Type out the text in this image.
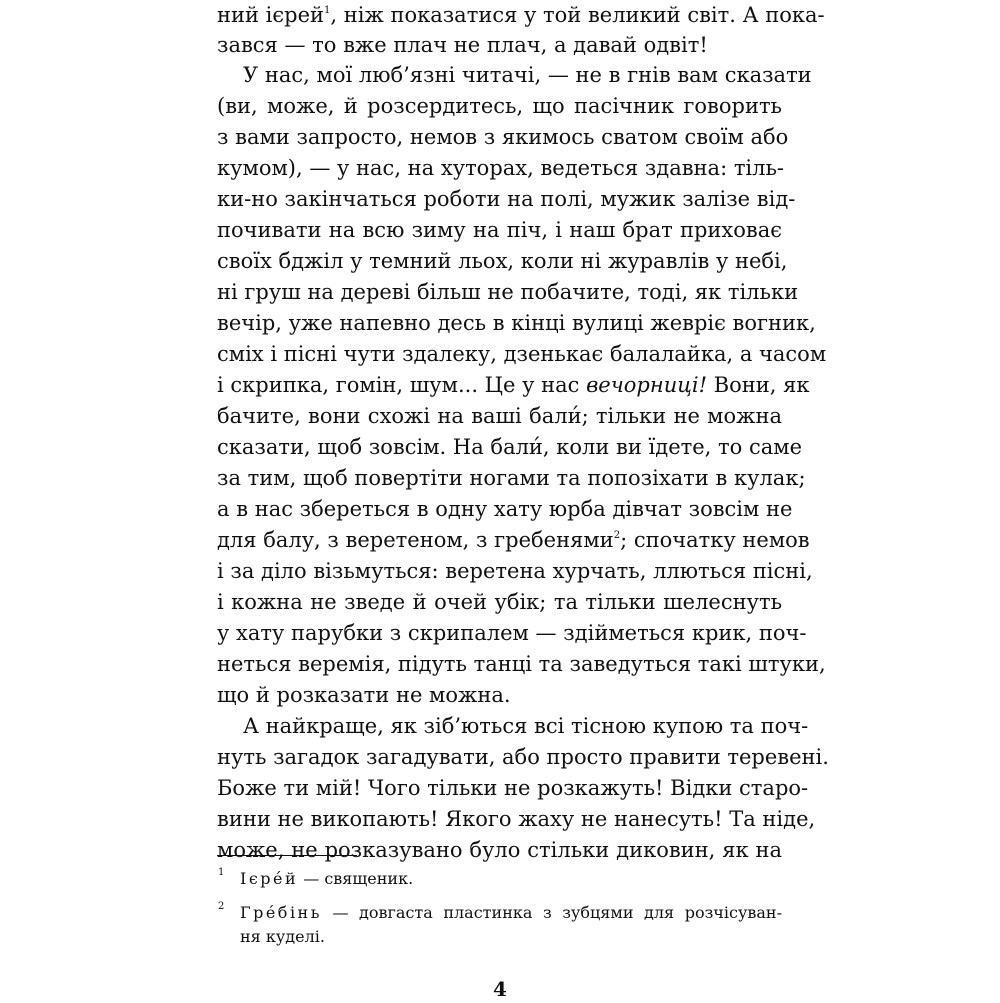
ний ієрей$^1$, ніж показатися у той великий світ. А пока-
зався — то вже плач не плач, а давай одвіт!
У нас, мої люб’язні читачі, — не в гнів вам сказати
(ви, може, й розсердитесь, що пасічник говорить
з вами запросто, немов з якимось сватом своїм або
кумом), — у нас, на хуторах, ведеться здавна: тіль-
ки-но закінчаться роботи на полі, мужик залізе від-
почивати на всю зиму на піч, і наш брат приховає
своїх бджіл у темний льох, коли ні журавлів у небі,
ні груш на дереві більш не побачите, тоді, як тільки
вечір, уже напевно десь в кінці вулиці жевріє вогник,
сміх і пісні чути здалеку, дзенькає балалайка, а часом
і скрипка, гомін, шум... Це у нас вечорниці! Вони, як
бачите, вони схожі на ваші бали́; тільки не можна
сказати, щоб зовсім. На бали́, коли ви їдете, то саме
за тим, щоб повертіти ногами та попозіхати в кулак;
а в нас збереться в одну хату юрба дівчат зовсім не
для балу, з веретеном, з гребенями$^2$; спочатку немов
і за діло візьмуться: веретена хурчать, ллються пісні,
і кожна не зведе й очей убік; та тільки шелеснуть
у хату парубки з скрипалем — здійметься крик, поч-
неться веремія, підуть танці та заведуться такі штуки,
що й розказати не можна.
А найкраще, як зіб’ються всі тісною купою та поч-
нуть загадок загадувати, або просто правити теревені.
Боже ти мій! Чого тільки не розкажуть! Відки старо-
вини не викопають! Якого жаху не нанесуть! Та ніде,
може, не розказувано було стільки диковин, як на
1 Ієре́й — священик.
2 Гре́бінь — довгаста пластинка з зубцями для розчісуван-
ня куделі.
4
